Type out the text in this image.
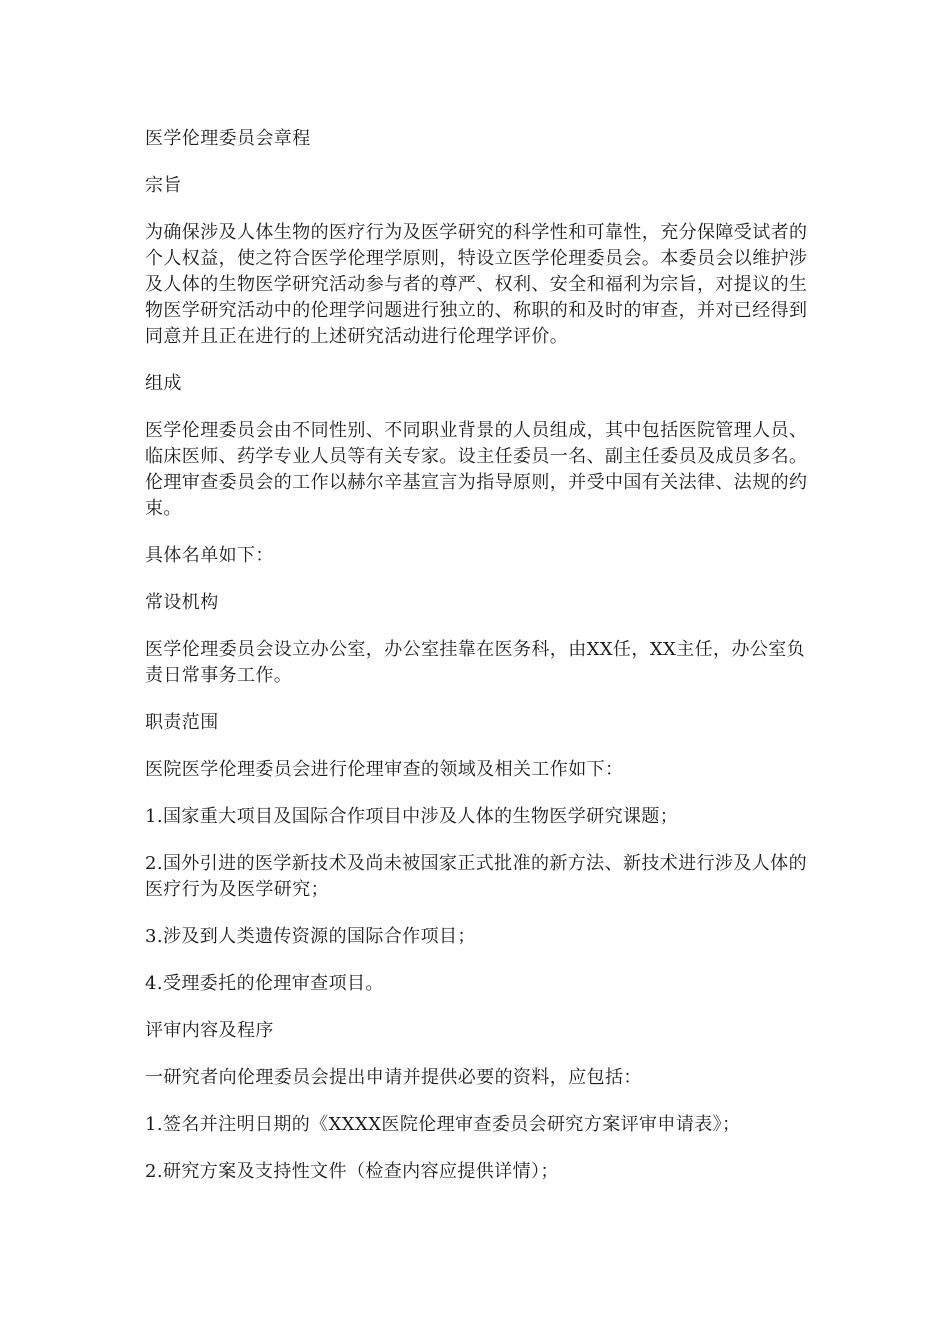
医学伦理委员会章程

宗旨

为确保涉及人体生物的医疗行为及医学研究的科学性和可靠性，充分保障受试者的个人权益，使之符合医学伦理学原则，特设立医学伦理委员会。本委员会以维护涉及人体的生物医学研究活动参与者的尊严、权利、安全和福利为宗旨，对提议的生物医学研究活动中的伦理学问题进行独立的、称职的和及时的审查，并对已经得到同意并且正在进行的上述研究活动进行伦理学评价。

组成

医学伦理委员会由不同性别、不同职业背景的人员组成，其中包括医院管理人员、临床医师、药学专业人员等有关专家。设主任委员一名、副主任委员及成员多名。伦理审查委员会的工作以赫尔辛基宣言为指导原则，并受中国有关法律、法规的约束。

具体名单如下：

常设机构

医学伦理委员会设立办公室，办公室挂靠在医务科，由XX任，XX主任，办公室负责日常事务工作。

职责范围

医院医学伦理委员会进行伦理审查的领域及相关工作如下：

1.国家重大项目及国际合作项目中涉及人体的生物医学研究课题；

2.国外引进的医学新技术及尚未被国家正式批准的新方法、新技术进行涉及人体的医疗行为及医学研究；

3.涉及到人类遗传资源的国际合作项目；

4.受理委托的伦理审查项目。

评审内容及程序

一研究者向伦理委员会提出申请并提供必要的资料，应包括：

1.签名并注明日期的《XXXX医院伦理审查委员会研究方案评审申请表》；

2.研究方案及支持性文件（检查内容应提供详情）；
